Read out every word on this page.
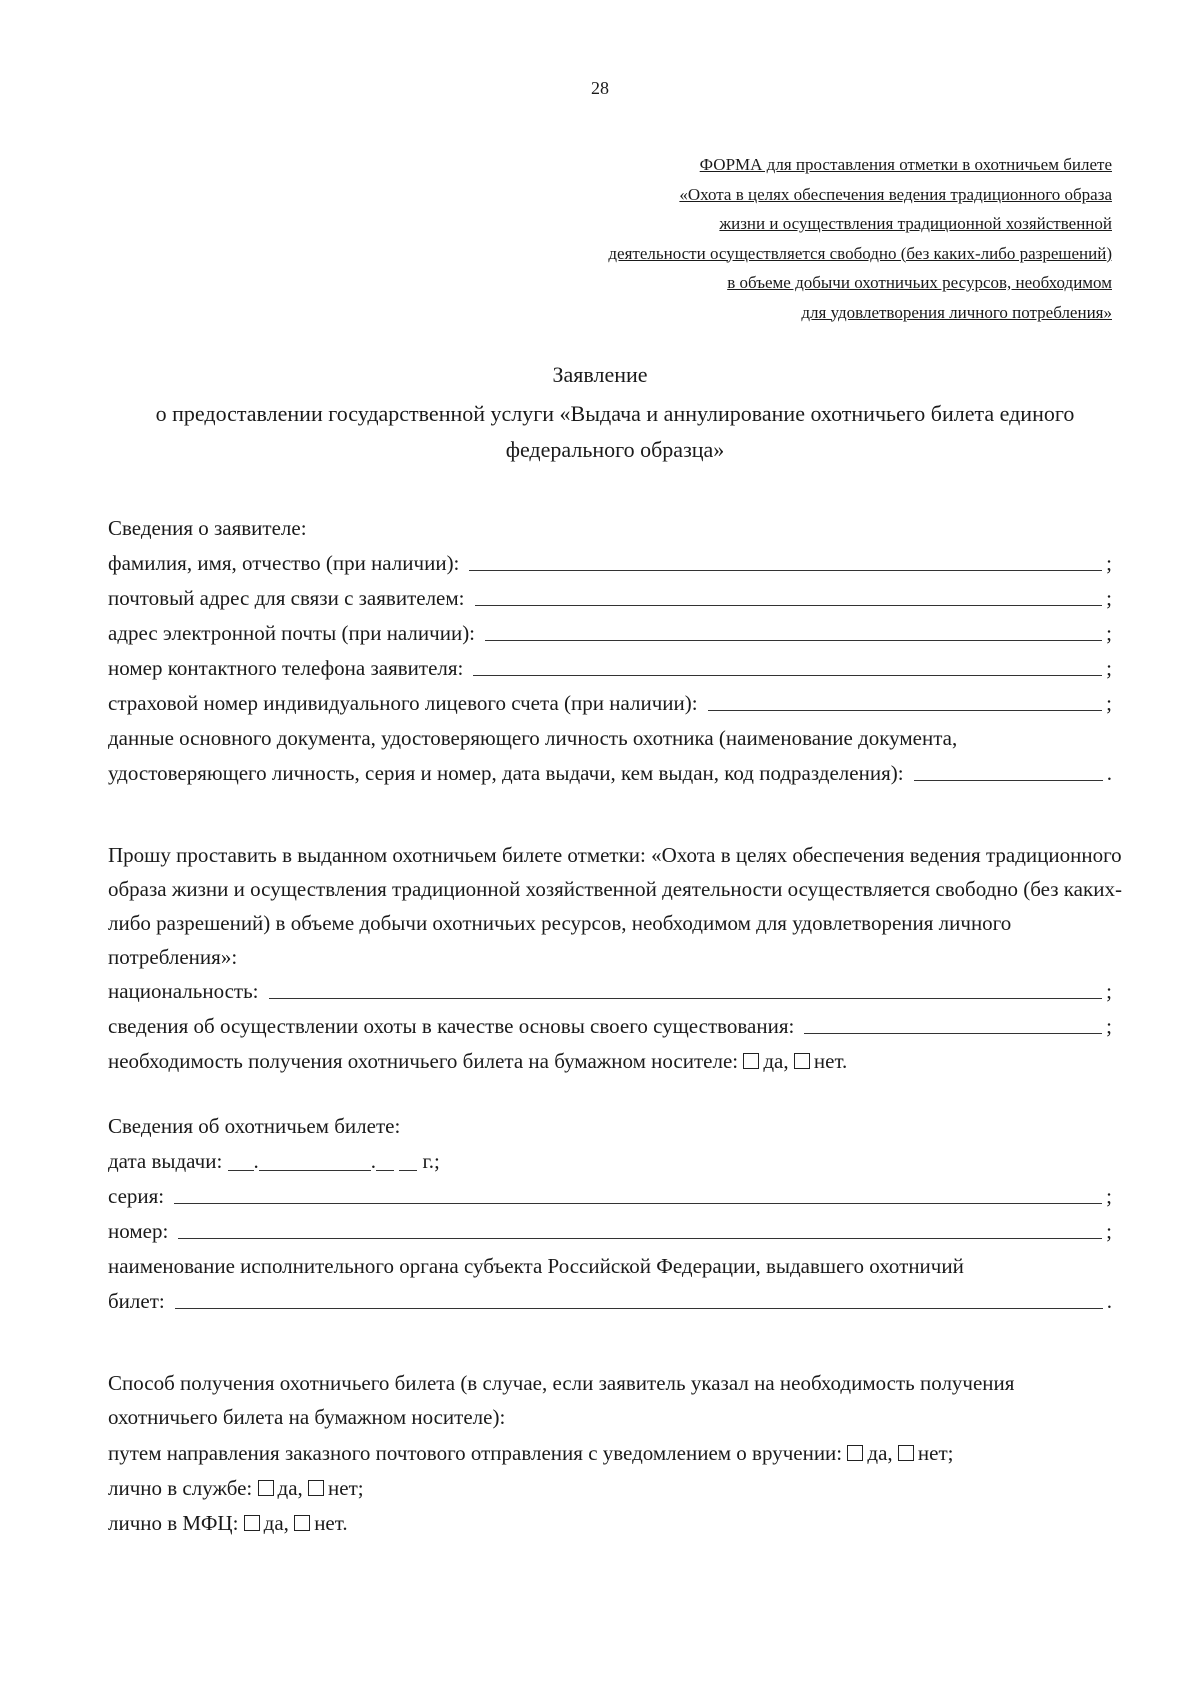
28
ФОРМА для проставления отметки в охотничьем билете
«Охота в целях обеспечения ведения традиционного образа
жизни и осуществления традиционной хозяйственной
деятельности осуществляется свободно (без каких-либо разрешений)
в объеме добычи охотничьих ресурсов, необходимом
для удовлетворения личного потребления»
Заявление
о предоставлении государственной услуги «Выдача и аннулирование охотничьего билета единого федерального образца»
Сведения о заявителе:
фамилия, имя, отчество (при наличии):	;
почтовый адрес для связи с заявителем:	;
адрес электронной почты (при наличии):	;
номер контактного телефона заявителя:	;
страховой номер индивидуального лицевого счета (при наличии):	;
данные основного документа, удостоверяющего личность охотника (наименование документа,
удостоверяющего личность, серия и номер, дата выдачи, кем выдан, код подразделения):	.
Прошу проставить в выданном охотничьем билете отметки: «Охота в целях обеспечения ведения традиционного образа жизни и осуществления традиционной хозяйственной деятельности осуществляется свободно (без каких-либо разрешений) в объеме добычи охотничьих ресурсов, необходимом для удовлетворения личного потребления»:
национальность:	;
сведения об осуществлении охоты в качестве основы своего существования:	;
необходимость получения охотничьего билета на бумажном носителе: да, нет.
Сведения об охотничьем билете:
дата выдачи: .	. г.;
серия:	;
номер:	;
наименование исполнительного органа субъекта Российской Федерации, выдавшего охотничий
билет:	.
Способ получения охотничьего билета (в случае, если заявитель указал на необходимость получения охотничьего билета на бумажном носителе):
путем направления заказного почтового отправления с уведомлением о вручении: да, нет;
лично в службе: да, нет;
лично в МФЦ: да, нет.
